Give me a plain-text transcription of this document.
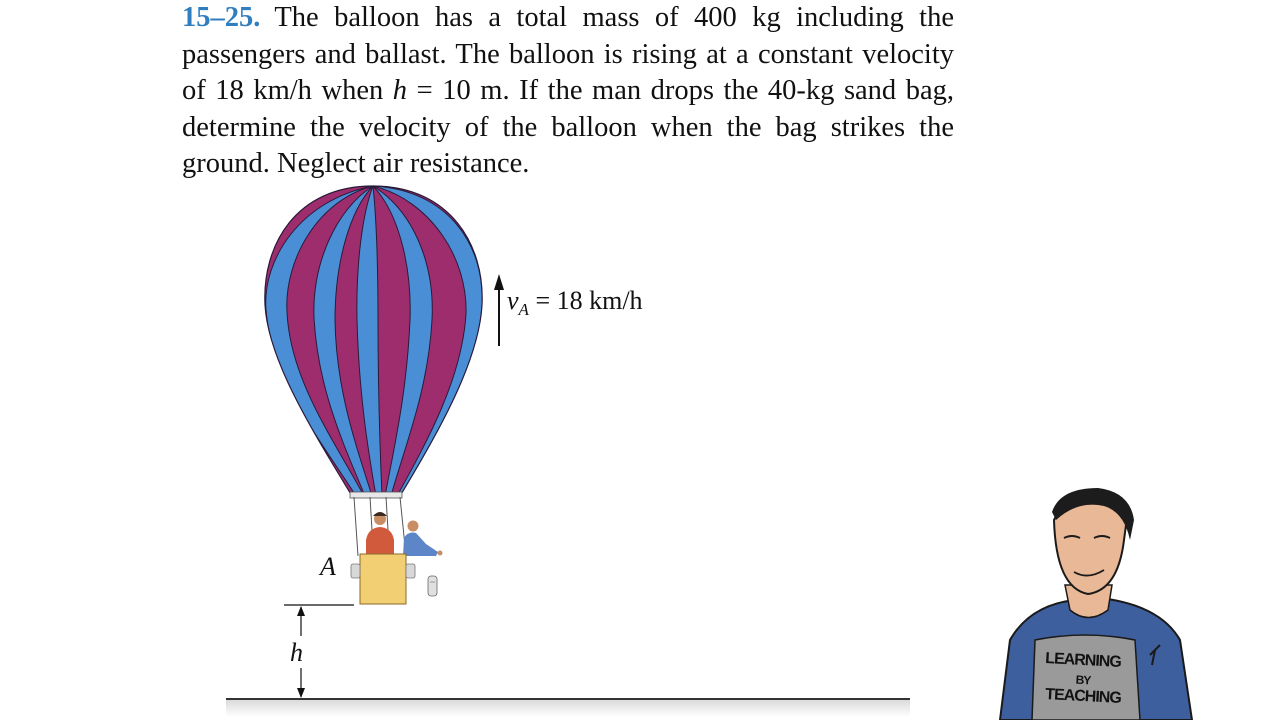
15–25. The balloon has a total mass of 400 kg including the passengers and ballast. The balloon is rising at a constant velocity of 18 km/h when h = 10 m. If the man drops the 40-kg sand bag, determine the velocity of the balloon when the bag strikes the ground. Neglect air resistance.
$v_A = 18$ km/h
A
h	LEARNING
BY
TEACHING
